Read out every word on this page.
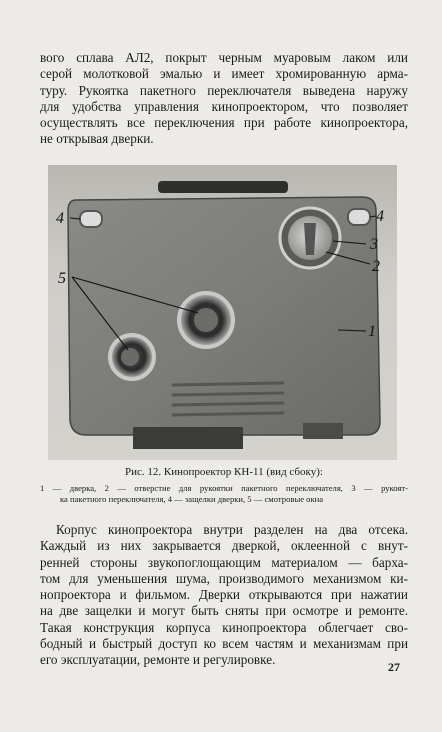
вого сплава АЛ2, покрыт черным муаровым лаком или
серой молотковой эмалью и имеет хромированную арма-
туру. Рукоятка пакетного переключателя выведена наружу
для удобства управления кинопроектором, что позволяет
осуществлять все переключения при работе кинопроектора,
не открывая дверки.

4
5
4
3
2
1

Рис. 12. Кинопроектор КН-11 (вид сбоку):

1 — дверка, 2 — отверстие для рукоятки пакетного переключателя, 3 — рукоят-
ка пакетного переключателя, 4 — защелки дверки, 5 — смотровые окна

Корпус кинопроектора внутри разделен на два отсека.
Каждый из них закрывается дверкой, оклеенной с внут-
ренней стороны звукопоглощающим материалом — барха-
том для уменьшения шума, производимого механизмом ки-
нопроектора и фильмом. Дверки открываются при нажатии
на две защелки и могут быть сняты при осмотре и ремонте.
Такая конструкция корпуса кинопроектора облегчает сво-
бодный и быстрый доступ ко всем частям и механизмам при
его эксплуатации, ремонте и регулировке.	27
